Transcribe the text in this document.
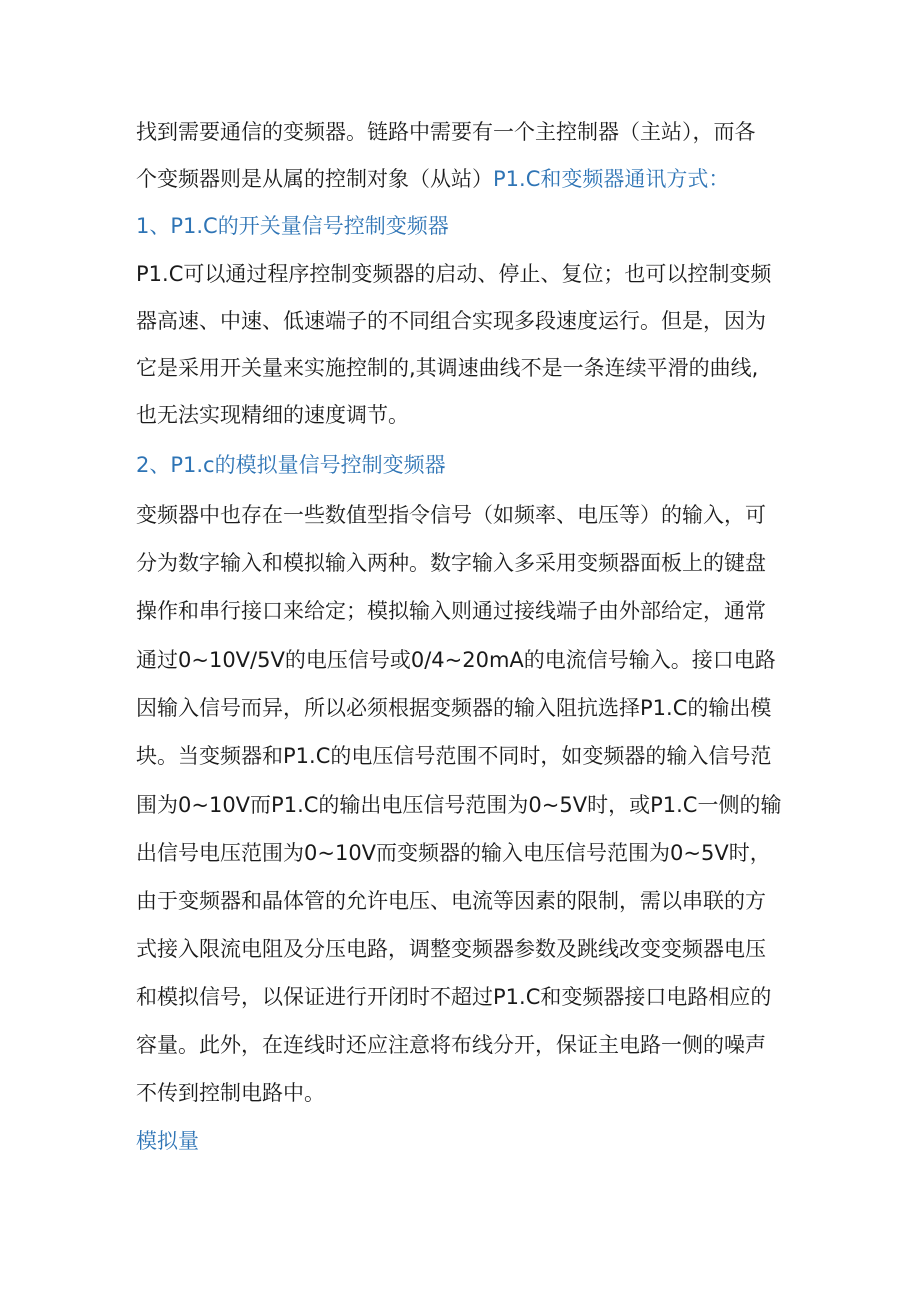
找到需要通信的变频器。链路中需要有一个主控制器（主站），而各
个变频器则是从属的控制对象（从站）P1.C和变频器通讯方式：
1、P1.C的开关量信号控制变频器
P1.C可以通过程序控制变频器的启动、停止、复位；也可以控制变频
器高速、中速、低速端子的不同组合实现多段速度运行。但是，因为
它是采用开关量来实施控制的,其调速曲线不是一条连续平滑的曲线,
也无法实现精细的速度调节。
2、P1.c的模拟量信号控制变频器
变频器中也存在一些数值型指令信号（如频率、电压等）的输入，可
分为数字输入和模拟输入两种。数字输入多采用变频器面板上的键盘
操作和串行接口来给定；模拟输入则通过接线端子由外部给定，通常
通过0~10V/5V的电压信号或0/4~20mA的电流信号输入。接口电路
因输入信号而异，所以必须根据变频器的输入阻抗选择P1.C的输出模
块。当变频器和P1.C的电压信号范围不同时，如变频器的输入信号范
围为0~10V而P1.C的输出电压信号范围为0~5V时，或P1.C一侧的输
出信号电压范围为0~10V而变频器的输入电压信号范围为0~5V时，
由于变频器和晶体管的允许电压、电流等因素的限制，需以串联的方
式接入限流电阻及分压电路，调整变频器参数及跳线改变变频器电压
和模拟信号，以保证进行开闭时不超过P1.C和变频器接口电路相应的
容量。此外，在连线时还应注意将布线分开，保证主电路一侧的噪声
不传到控制电路中。
模拟量
